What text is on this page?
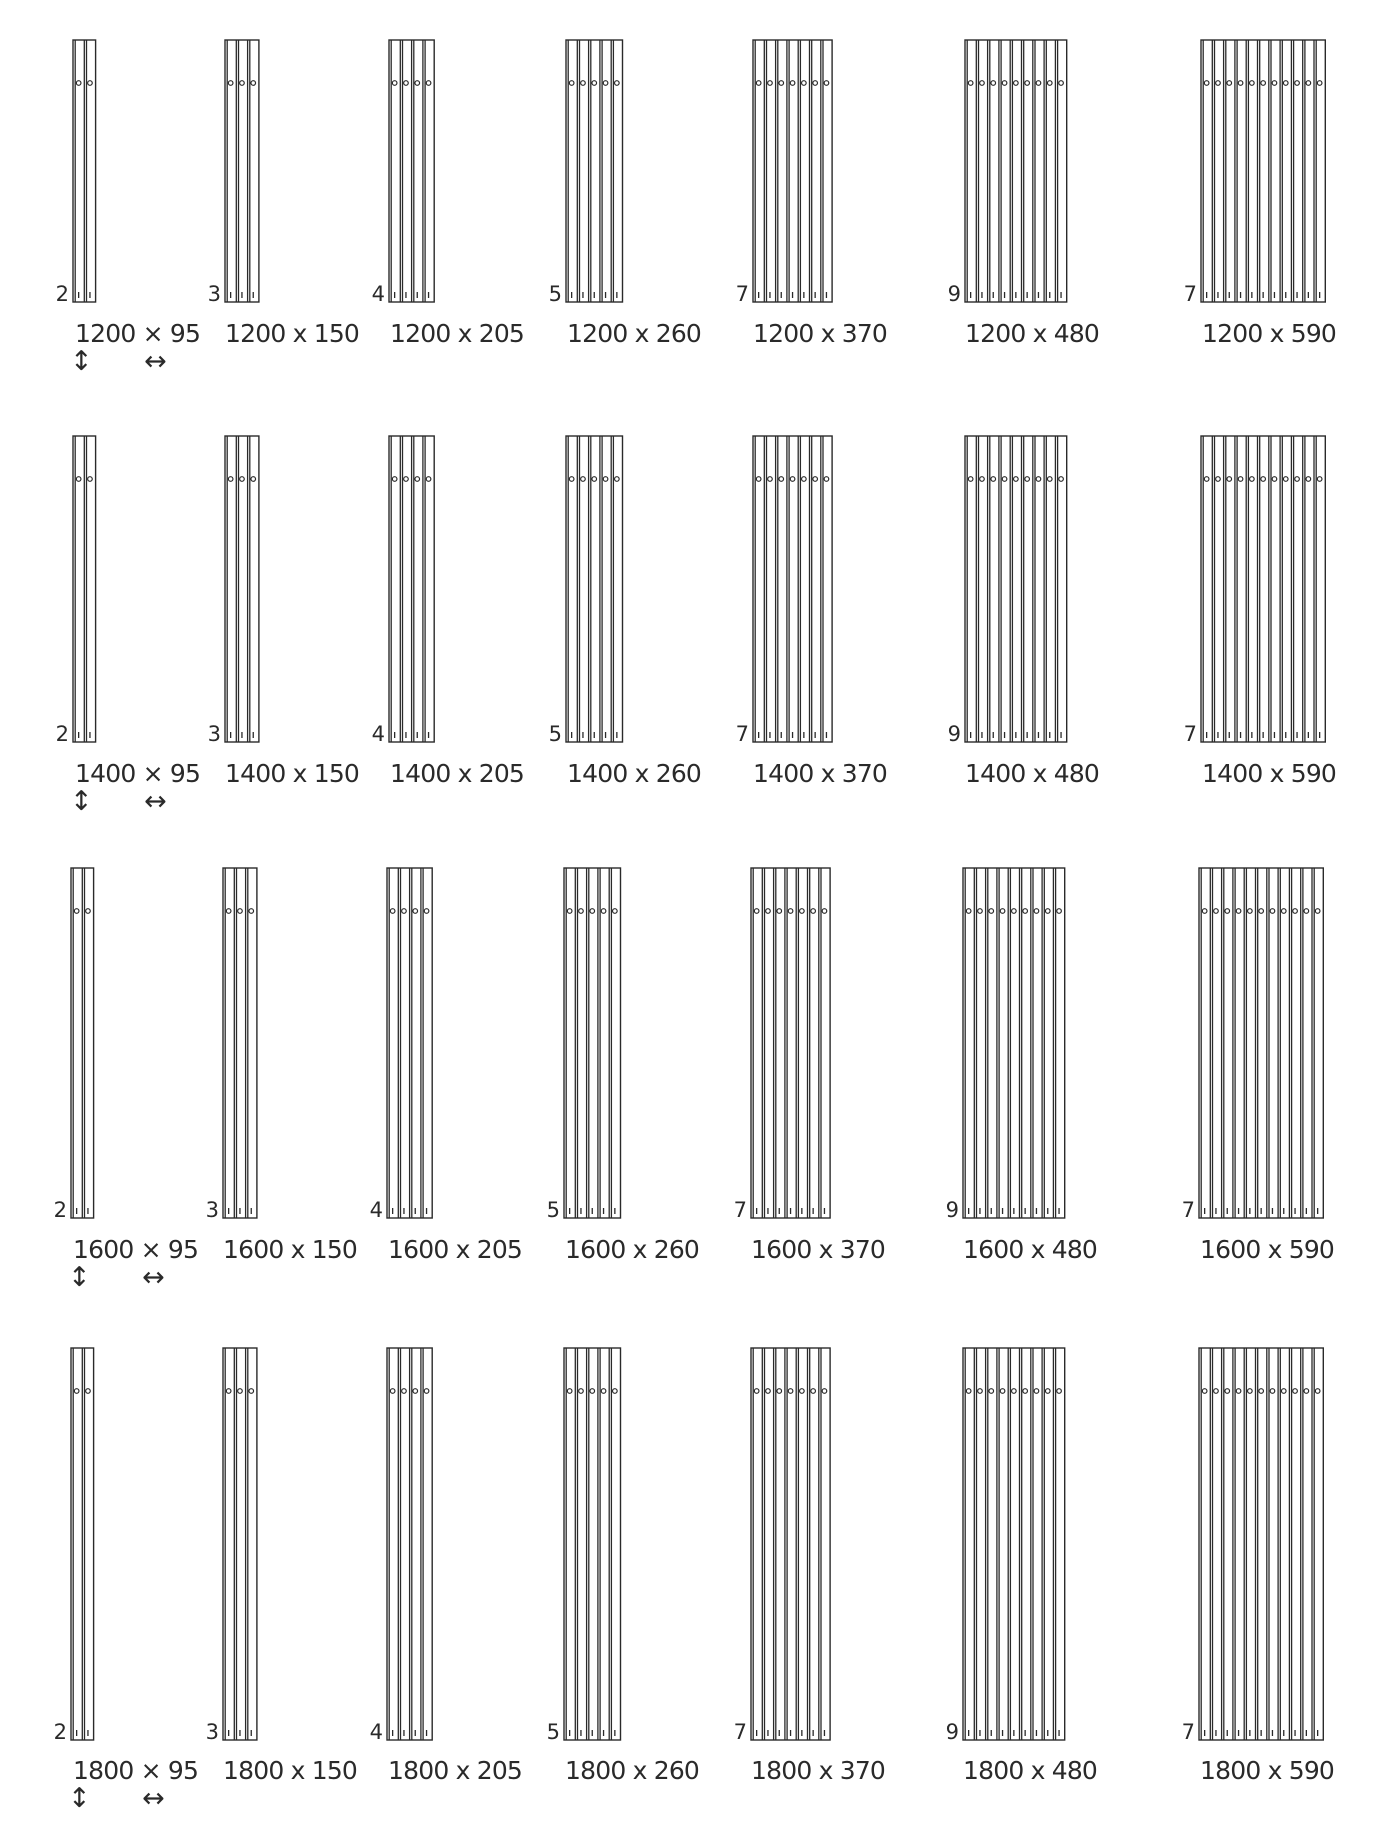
2
1200 × 95
3
1200 x 150
4
1200 x 205
5
1200 x 260
7
1200 x 370
9
1200 x 480
7
1200 x 590
↕ ↔
2
1400 × 95
3
1400 x 150
4
1400 x 205
5
1400 x 260
7
1400 x 370
9
1400 x 480
7
1400 x 590
↕ ↔
2
1600 × 95
3
1600 x 150
4
1600 x 205
5
1600 x 260
7
1600 x 370
9
1600 x 480
7
1600 x 590
↕ ↔
2
1800 × 95
3
1800 x 150
4
1800 x 205
5
1800 x 260
7
1800 x 370
9
1800 x 480
7
1800 x 590
↕ ↔
